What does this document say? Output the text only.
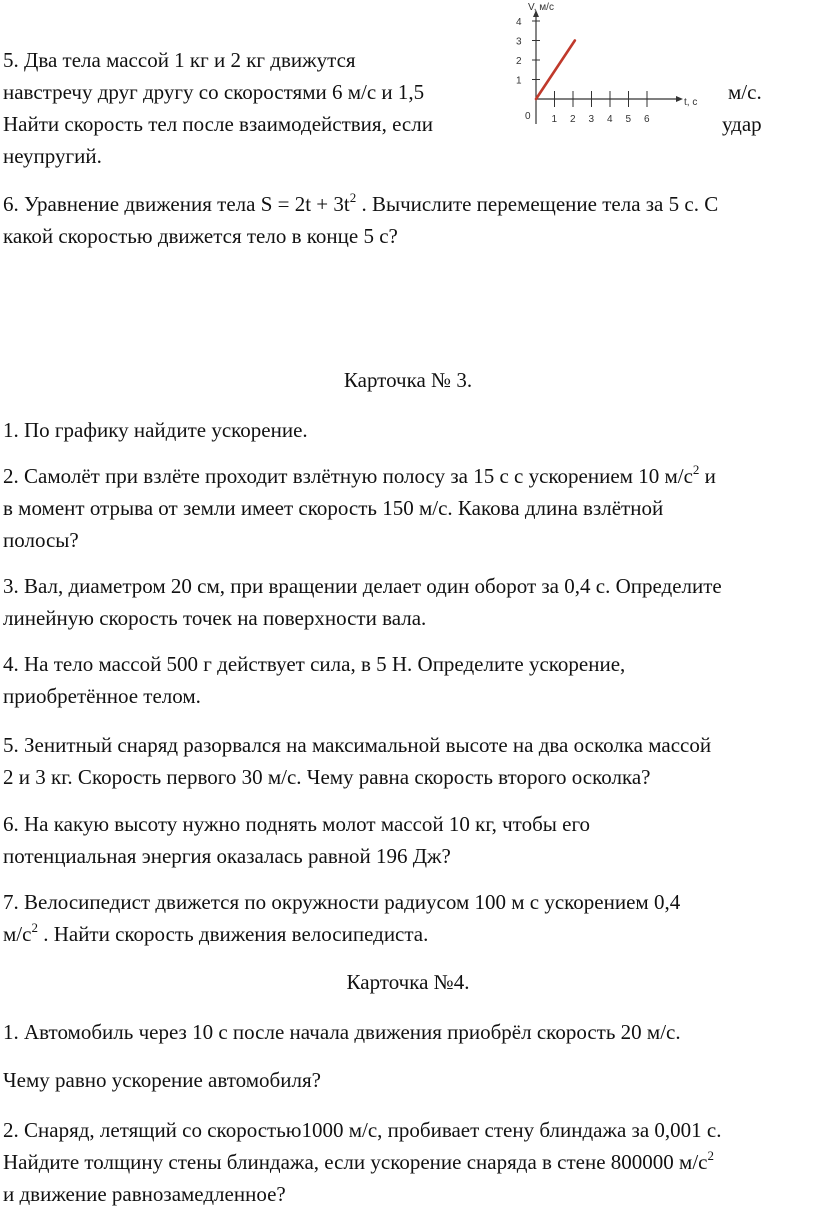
5. Два тела массой 1 кг и 2 кг движутся
навстречу друг другу со скоростями 6 м/с и 1,5	м/с.
Найти скорость тел после взаимодействия, если	удар
неупругий.
V, м/с
t, с
0 1 2 3 4 5 6
1
2
3
4
6. Уравнение движения тела $S = 2t + 3t^2$ . Вычислите перемещение тела за 5 с. С
какой скоростью движется тело в конце 5 с?
Карточка № 3.
1. По графику найдите ускорение.
2. Самолёт при взлёте проходит взлётную полосу за 15 с с ускорением 10 $м/с^2$ и
в момент отрыва от земли имеет скорость 150 м/с. Какова длина взлётной
полосы?
3. Вал, диаметром 20 см, при вращении делает один оборот за 0,4 с. Определите
линейную скорость точек на поверхности вала.
4. На тело массой 500 г действует сила, в 5 Н. Определите ускорение,
приобретённое телом.
5. Зенитный снаряд разорвался на максимальной высоте на два осколка массой
2 и 3 кг. Скорость первого 30 м/с. Чему равна скорость второго осколка?
6. На какую высоту нужно поднять молот массой 10 кг, чтобы его
потенциальная энергия оказалась равной 196 Дж?
7. Велосипедист движется по окружности радиусом 100 м с ускорением 0,4
$м/с^2$ . Найти скорость движения велосипедиста.
Карточка №4.
1. Автомобиль через 10 с после начала движения приобрёл скорость 20 м/с.
Чему равно ускорение автомобиля?
2. Снаряд, летящий со скоростью1000 м/с, пробивает стену блиндажа за 0,001 с.
Найдите толщину стены блиндажа, если ускорение снаряда в стене 800000 $м/с^2$
и движение равнозамедленное?
